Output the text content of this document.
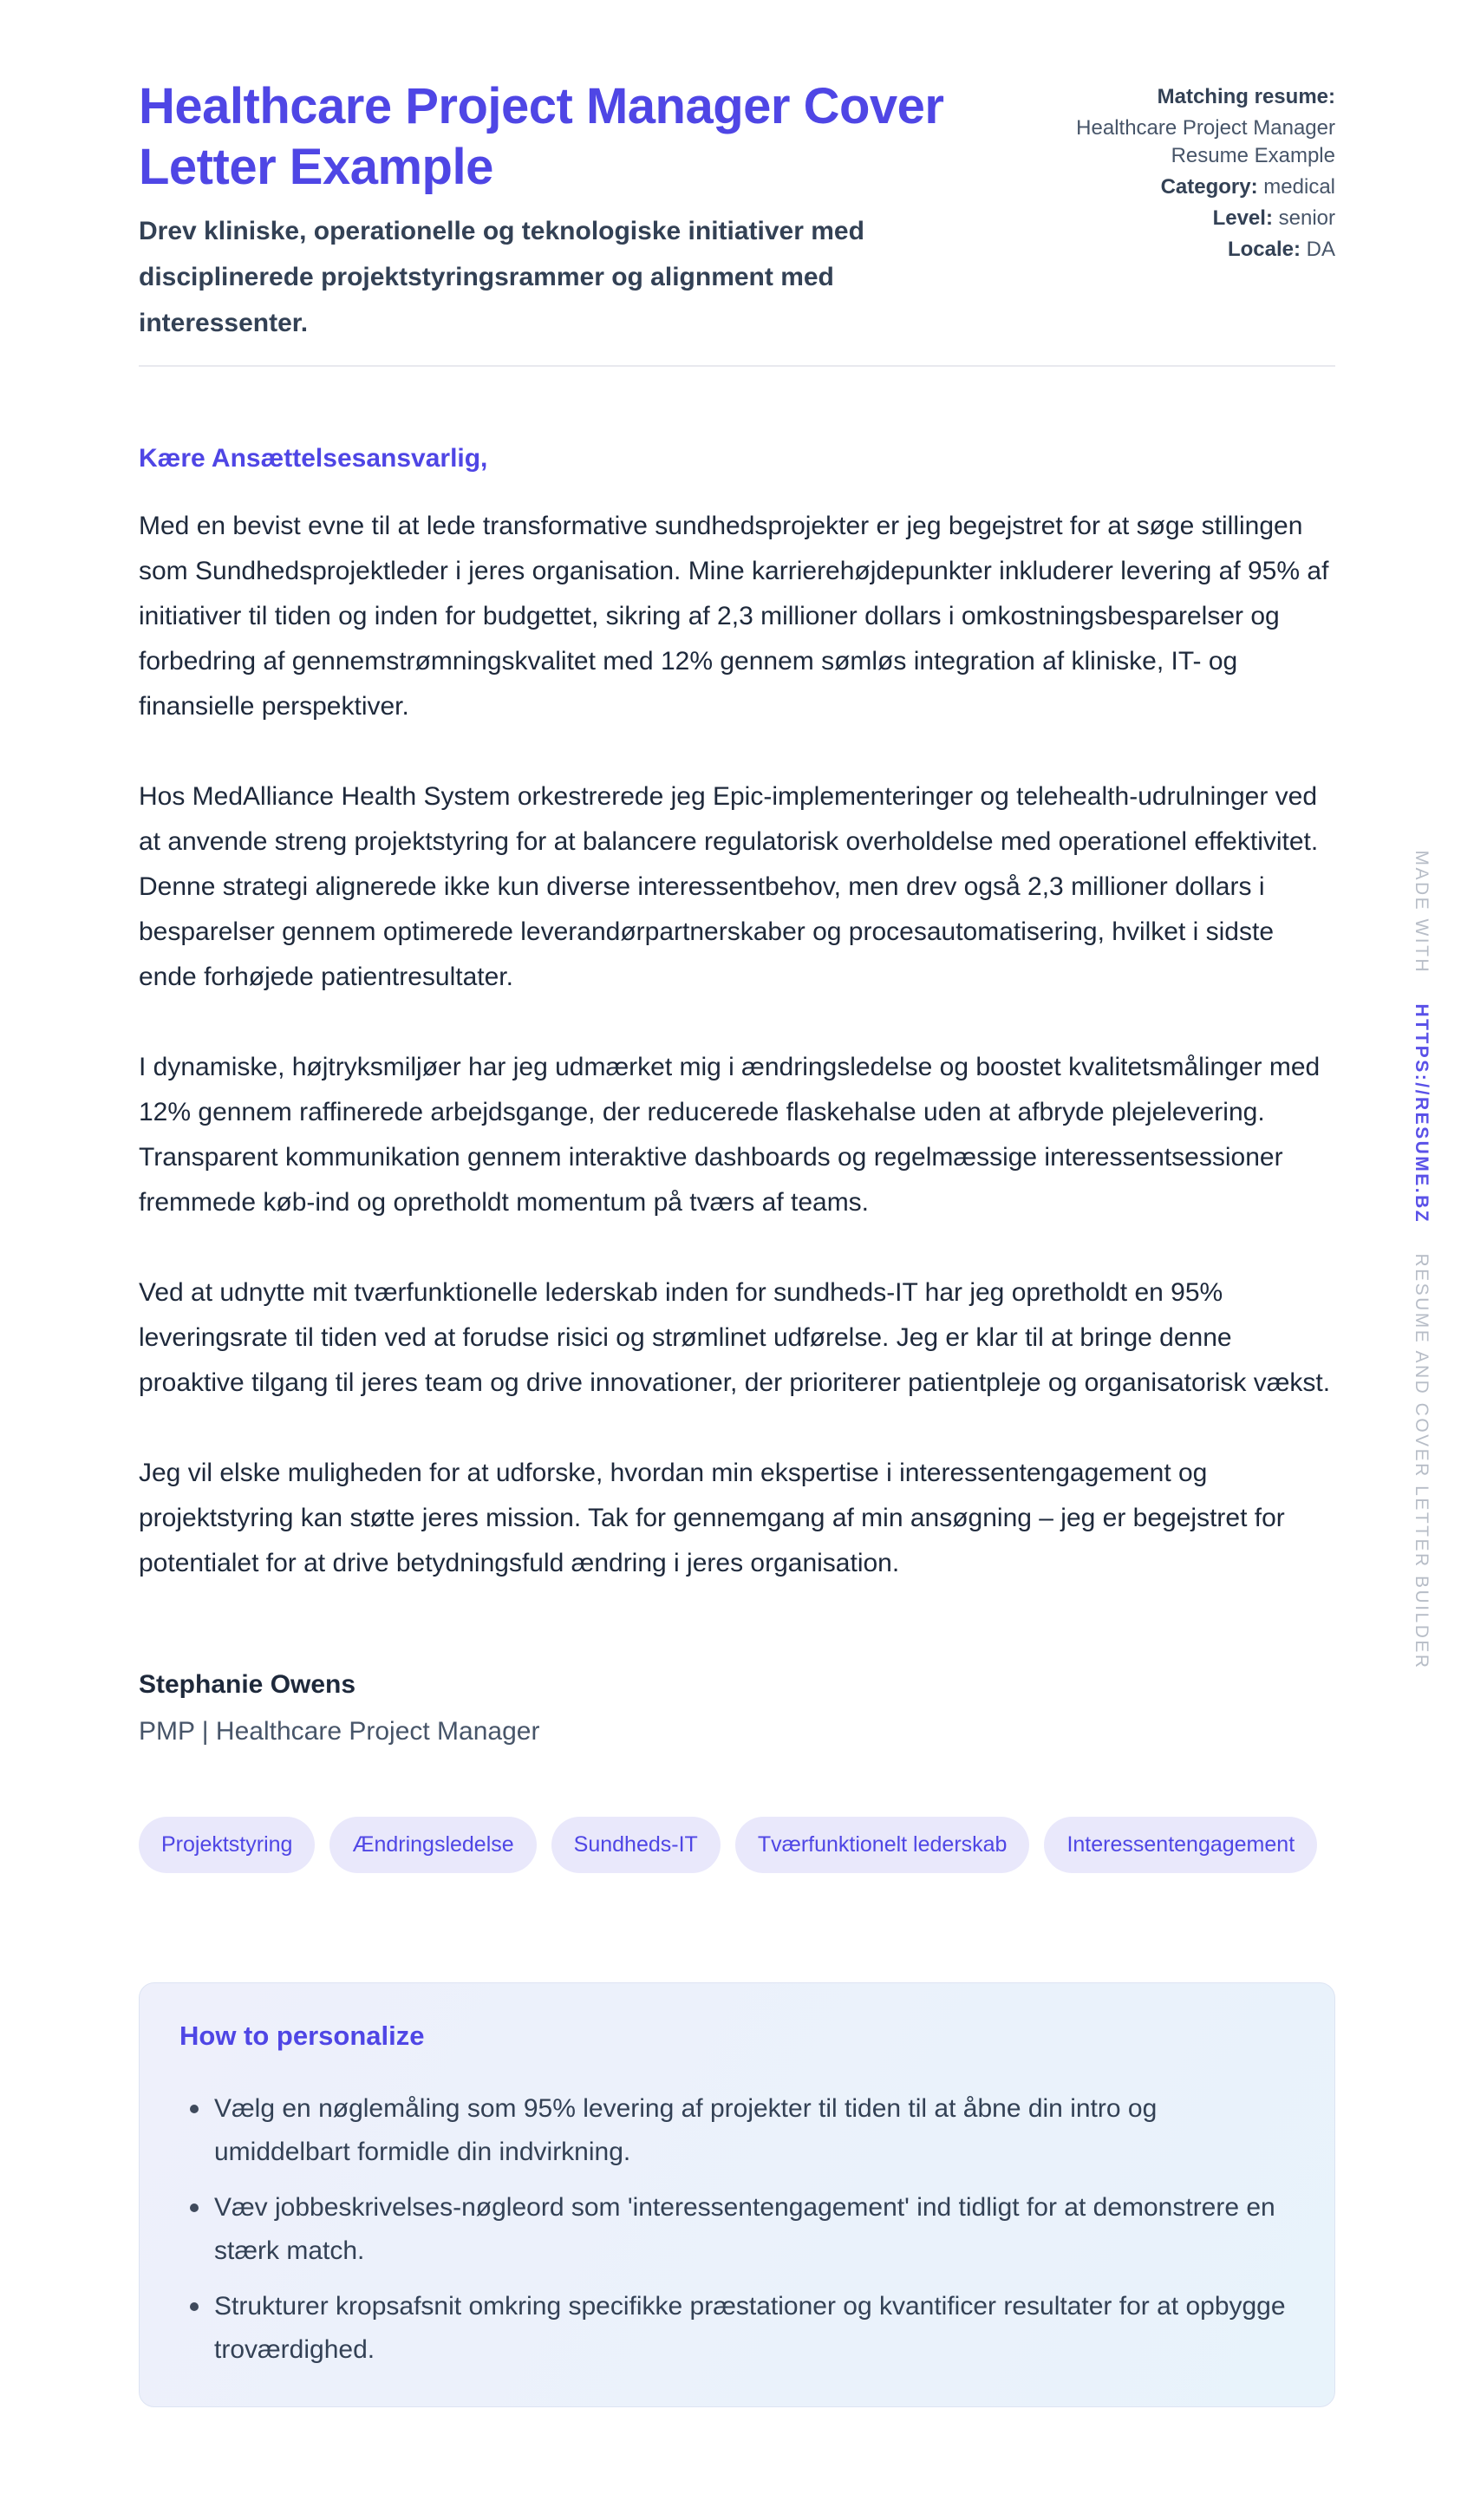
Healthcare Project Manager Cover Letter Example
Drev kliniske, operationelle og teknologiske initiativer med disciplinerede projektstyringsrammer og alignment med interessenter.
Matching resume:
Healthcare Project Manager Resume Example
Category: medical
Level: senior
Locale: DA
Kære Ansættelsesansvarlig,

Med en bevist evne til at lede transformative sundhedsprojekter er jeg begejstret for at søge stillingen som Sundhedsprojektleder i jeres organisation. Mine karrierehøjdepunkter inkluderer levering af 95% af initiativer til tiden og inden for budgettet, sikring af 2,3 millioner dollars i omkostningsbesparelser og forbedring af gennemstrømningskvalitet med 12% gennem sømløs integration af kliniske, IT- og finansielle perspektiver.

Hos MedAlliance Health System orkestrerede jeg Epic-implementeringer og telehealth-udrulninger ved at anvende streng projektstyring for at balancere regulatorisk overholdelse med operationel effektivitet. Denne strategi alignerede ikke kun diverse interessentbehov, men drev også 2,3 millioner dollars i besparelser gennem optimerede leverandørpartnerskaber og procesautomatisering, hvilket i sidste ende forhøjede patientresultater.

I dynamiske, højtryksmiljøer har jeg udmærket mig i ændringsledelse og boostet kvalitetsmålinger med 12% gennem raffinerede arbejdsgange, der reducerede flaskehalse uden at afbryde plejelevering. Transparent kommunikation gennem interaktive dashboards og regelmæssige interessentsessioner fremmede køb-ind og opretholdt momentum på tværs af teams.

Ved at udnytte mit tværfunktionelle lederskab inden for sundheds-IT har jeg opretholdt en 95% leveringsrate til tiden ved at forudse risici og strømlinet udførelse. Jeg er klar til at bringe denne proaktive tilgang til jeres team og drive innovationer, der prioriterer patientpleje og organisatorisk vækst.

Jeg vil elske muligheden for at udforske, hvordan min ekspertise i interessentengagement og projektstyring kan støtte jeres mission. Tak for gennemgang af min ansøgning – jeg er begejstret for potentialet for at drive betydningsfuld ændring i jeres organisation.

Stephanie Owens
PMP | Healthcare Project Manager
Projektstyring	Ændringsledelse	Sundheds-IT	Tværfunktionelt lederskab	Interessentengagement
How to personalize
Vælg en nøglemåling som 95% levering af projekter til tiden til at åbne din intro og umiddelbart formidle din indvirkning.
Væv jobbeskrivelses-nøgleord som 'interessentengagement' ind tidligt for at demonstrere en stærk match.
Strukturer kropsafsnit omkring specifikke præstationer og kvantificer resultater for at opbygge troværdighed.
MADE WITH HTTPS://RESUME.BZ RESUME AND COVER LETTER BUILDER
